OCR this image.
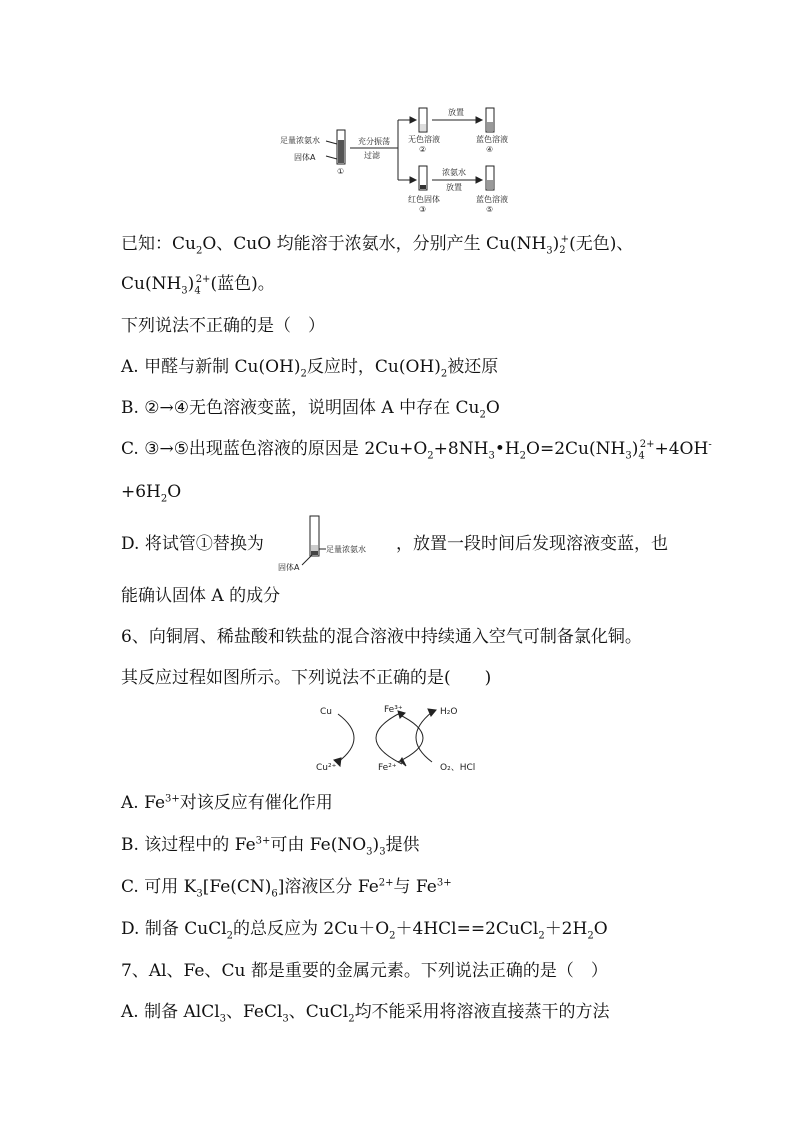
足量浓氨水
固体A
①
充分振荡
过滤
无色溶液
②
放置
蓝色溶液
④
浓氨水
放置
红色固体
③
蓝色溶液
⑤
已知：$Cu_2O$、CuO 均能溶于浓氨水，分别产生 $Cu(NH_3)_2^+$(无色)、
$Cu(NH_3)_4^{2+}$(蓝色)。
下列说法不正确的是（　）
A. 甲醛与新制 $Cu(OH)_2$反应时，$Cu(OH)_2$被还原
B. ②→④无色溶液变蓝，说明固体 A 中存在 $Cu_2O$
C. ③→⑤出现蓝色溶液的原因是 $2Cu+O_2+8NH_3•H_2O=2Cu(NH_3)_4^{2+}+4OH^-$
$+6H_2O$
D. 将试管①替换为	足量浓氨水
固体A
，放置一段时间后发现溶液变蓝，也
能确认固体 A 的成分
6、向铜屑、稀盐酸和铁盐的混合溶液中持续通入空气可制备氯化铜。
其反应过程如图所示。下列说法不正确的是(　　)
Cu	Fe³⁺	H₂O
Cu²⁺	Fe²⁺	O₂、HCl
A. $Fe^{3+}$对该反应有催化作用
B. 该过程中的 $Fe^{3+}$可由 $Fe(NO_3)_3$提供
C. 可用 $K_3[Fe(CN)_6]$溶液区分 $Fe^{2+}$与 $Fe^{3+}$
D. 制备 CuCl$_2$的总反应为 $2Cu+O_2+4HCl==2CuCl_2+2H_2O$
7、Al、Fe、Cu 都是重要的金属元素。下列说法正确的是（　）
A. 制备 AlCl$_3$、FeCl$_3$、CuCl$_2$均不能采用将溶液直接蒸干的方法
